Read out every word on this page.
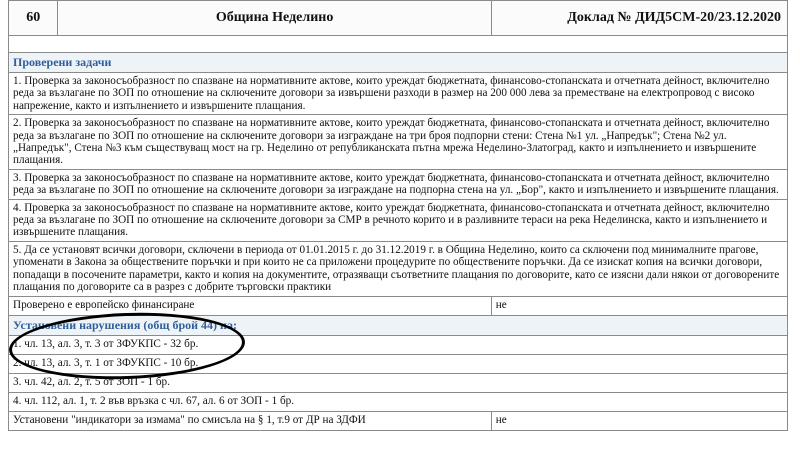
60	Община Неделино	Доклад № ДИД5СМ-20/23.12.2020

Проверени задачи		
1. Проверка за законосъобразност по спазване на нормативните актове, които уреждат бюджетната, финансово-стопанската и отчетната дейност, включително реда за възлагане по ЗОП по отношение на сключените договори за извършени разходи в размер на 200 000 лева за преместване на електропровод с високо напрежение, както и изпълнението и извършените плащания.		
2. Проверка за законосъобразност по спазване на нормативните актове, които уреждат бюджетната, финансово-стопанската и отчетната дейност, включително реда за възлагане по ЗОП по отношение на сключените договори за изграждане на три броя подпорни стени: Стена №1 ул. „Напредък"; Стена №2 ул. „Напредък", Стена №3 към съществуващ мост на гр. Неделино от републиканската пътна мрежа Неделино-Златоград, както и изпълнението и извършените плащания.		
3. Проверка за законосъобразност по спазване на нормативните актове, които уреждат бюджетната, финансово-стопанската и отчетната дейност, включително реда за възлагане по ЗОП по отношение на сключените договори за изграждане на подпорна стена на ул. „Бор", както и изпълнението и извършените плащания.		
4. Проверка за законосъобразност по спазване на нормативните актове, които уреждат бюджетната, финансово-стопанската и отчетната дейност, включително реда за възлагане по ЗОП по отношение на сключените договори за СМР в речното корито и в разливните тераси на река Неделинска, както и изпълнението и извършените плащания.		
5. Да се установят всички договори, сключени в периода от 01.01.2015 г. до 31.12.2019 г. в Община Неделино, които са сключени под минималните прагове, упоменати в Закона за обществените поръчки и при които не са приложени процедурите по обществените поръчки. Да се изискат копия на всички договори, попадащи в посочените параметри, както и копия на документите, отразяващи съответните плащания по договорите, като се изясни дали някои от договорените плащания по договорите са в разрез с добрите търговски практики		
Проверено е европейско финансиране		не
Установени нарушения (общ брой 44) на:		
1. чл. 13, ал. 3, т. 3 от ЗФУКПС - 32 бр.		
2. чл. 13, ал. 3, т. 1 от ЗФУКПС - 10 бр.		
3. чл. 42, ал. 2, т. 5 от ЗОП - 1 бр.		
4. чл. 112, ал. 1, т. 2 във връзка с чл. 67, ал. 6 от ЗОП - 1 бр.		
Установени "индикатори за измама" по смисъла на § 1, т.9 от ДР на ЗДФИ		не
